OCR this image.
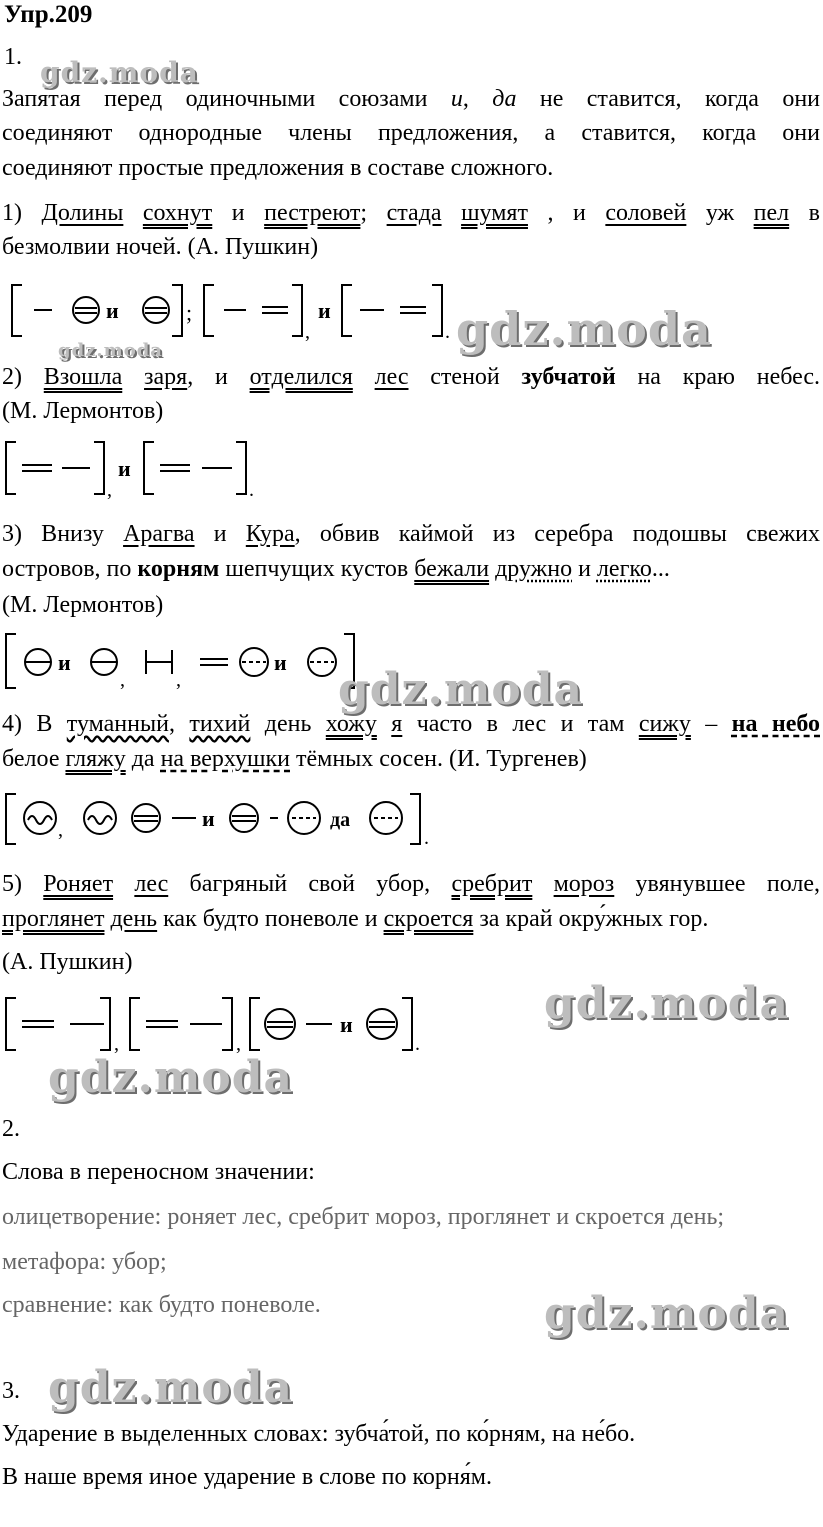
Упр.209
1. gdz.moda
Запятая перед одиночными союзами и, да не ставится, когда они
соединяют однородные члены предложения, а ставится, когда они
соединяют простые предложения в составе сложного.
1) Долины сохнут и пестреют; стада шумят , и соловей уж пел в
безмолвии ночей. (А. Пушкин)
и	;
,
и
. gdz.moda
gdz.moda
2) Взошла заря, и отделился лес стеной зубчатой на краю небес.
(М. Лермонтов)
,
и
.
3) Внизу Арагва и Кура, обвив каймой из серебра подошвы свежих
островов, по корням шепчущих кустов бежали дружно и легко...
(М. Лермонтов)
и
,	,
и
gdz.moda
4) В туманный, тихий день хожу я часто в лес и там сижу – на небо
белое гляжу да на верхушки тёмных сосен. (И. Тургенев)
,	и	да
.
5) Роняет лес багряный свой убор, сребрит мороз увянувшее поле,
проглянет день как будто поневоле и скроется за край окру́жных гор.
(А. Пушкин)
,	,
и
.
gdz.moda
gdz.moda
2.
Слова в переносном значении:
олицетворение: роняет лес, сребрит мороз, проглянет и скроется день;
метафора: убор;
сравнение: как будто поневоле.	gdz.moda
3. gdz.moda
Ударение в выделенных словах: зубча́той, по ко́рням, на не́бо.
В наше время иное ударение в слове по корня́м.
